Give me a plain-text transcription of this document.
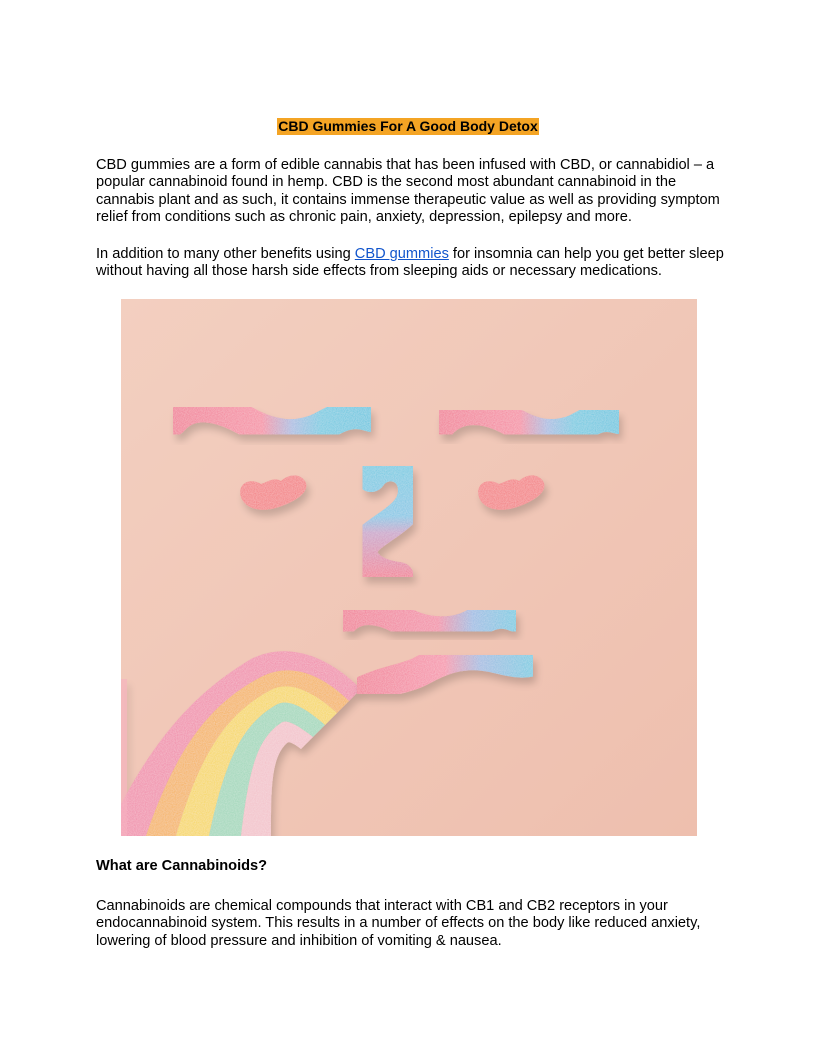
CBD Gummies For A Good Body Detox

CBD gummies are a form of edible cannabis that has been infused with CBD, or cannabidiol – a popular cannabinoid found in hemp. CBD is the second most abundant cannabinoid in the cannabis plant and as such, it contains immense therapeutic value as well as providing symptom relief from conditions such as chronic pain, anxiety, depression, epilepsy and more.

In addition to many other benefits using CBD gummies for insomnia can help you get better sleep without having all those harsh side effects from sleeping aids or necessary medications.

What are Cannabinoids?

Cannabinoids are chemical compounds that interact with CB1 and CB2 receptors in your endocannabinoid system. This results in a number of effects on the body like reduced anxiety, lowering of blood pressure and inhibition of vomiting & nausea.
